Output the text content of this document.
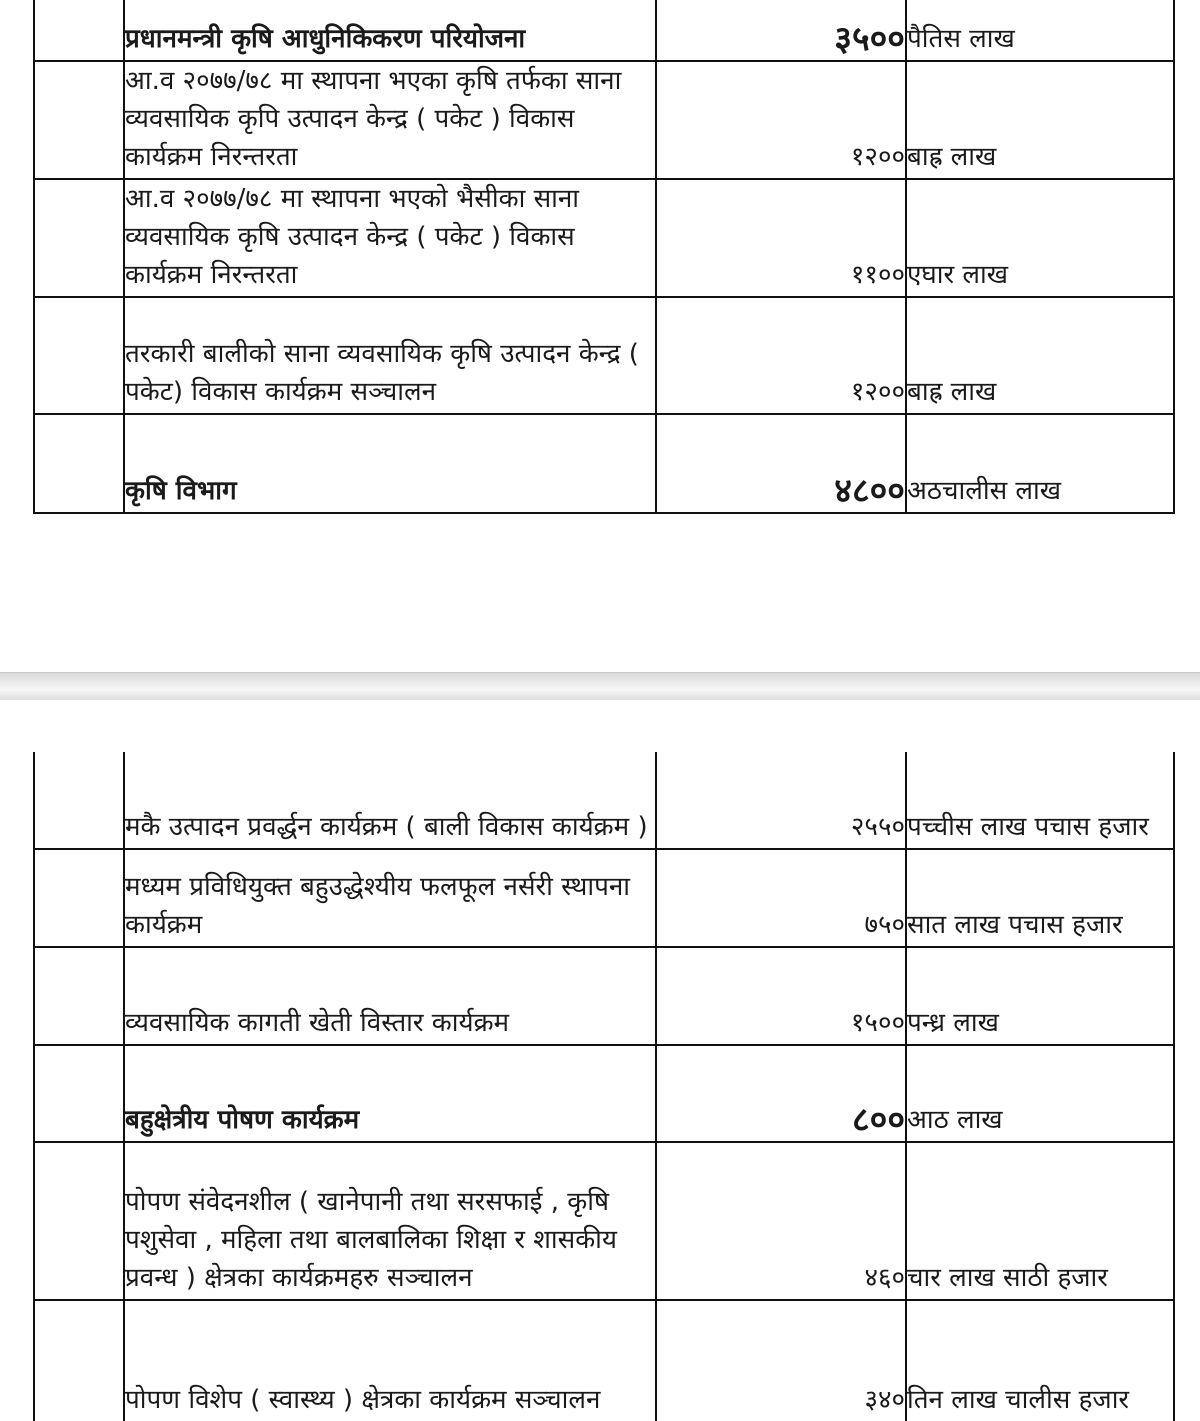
	प्रधानमन्त्री कृषि आधुनिकिकरण परियोजना	३५००	पैतिस लाख

	आ.व २०७७/७८ मा स्थापना भएका कृषि तर्फका साना व्यवसायिक कृपि उत्पादन केन्द्र ( पकेट ) विकास कार्यक्रम निरन्तरता	१२००	बाह्र लाख

	आ.व २०७७/७८ मा स्थापना भएको भैसीका साना व्यवसायिक कृषि उत्पादन केन्द्र ( पकेट ) विकास कार्यक्रम निरन्तरता	११००	एघार लाख

	तरकारी बालीको साना व्यवसायिक कृषि उत्पादन केन्द्र ( पकेट) विकास कार्यक्रम सञ्चालन	१२००	बाह्र लाख

	कृषि विभाग	४८००	अठचालीस लाख

	मकै उत्पादन प्रवर्द्धन कार्यक्रम ( बाली विकास कार्यक्रम )	२५५०	पच्चीस लाख पचास हजार

	मध्यम प्रविधियुक्त बहुउद्धेश्यीय फलफूल नर्सरी स्थापना कार्यक्रम	७५०	सात लाख पचास हजार

	व्यवसायिक कागती खेती विस्तार कार्यक्रम	१५००	पन्ध्र लाख

	बहुक्षेत्रीय पोषण कार्यक्रम	८००	आठ लाख

	पोपण संवेदनशील ( खानेपानी तथा सरसफाई , कृषि पशुसेवा , महिला तथा बालबालिका शिक्षा र शासकीय प्रवन्ध ) क्षेत्रका कार्यक्रमहरु सञ्चालन	४६०	चार लाख साठी हजार

	पोपण विशेप ( स्वास्थ्य ) क्षेत्रका कार्यक्रम सञ्चालन	३४०	तिन लाख चालीस हजार
